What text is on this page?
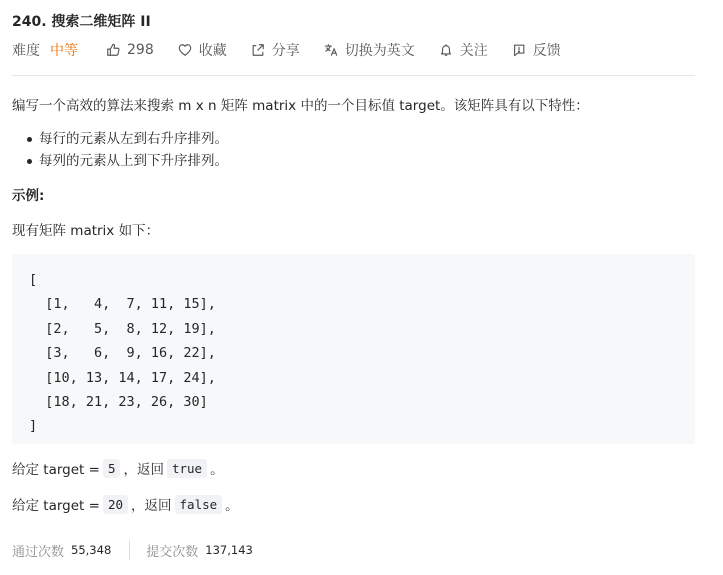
240. 搜索二维矩阵 II
难度 中等	298	收藏	分享	切换为英文	关注	反馈
编写一个高效的算法来搜索 m x n 矩阵 matrix 中的一个目标值 target。该矩阵具有以下特性：
每行的元素从左到右升序排列。
每列的元素从上到下升序排列。
示例:
现有矩阵 matrix 如下：
[
[1,   4,  7, 11, 15],
[2,   5,  8, 12, 19],
[3,   6,  9, 16, 22],
[10, 13, 14, 17, 24],
[18, 21, 23, 26, 30]
]
给定 target = 5 ，返回 true 。
给定 target = 20 ，返回 false 。
通过次数 55,348	提交次数 137,143
